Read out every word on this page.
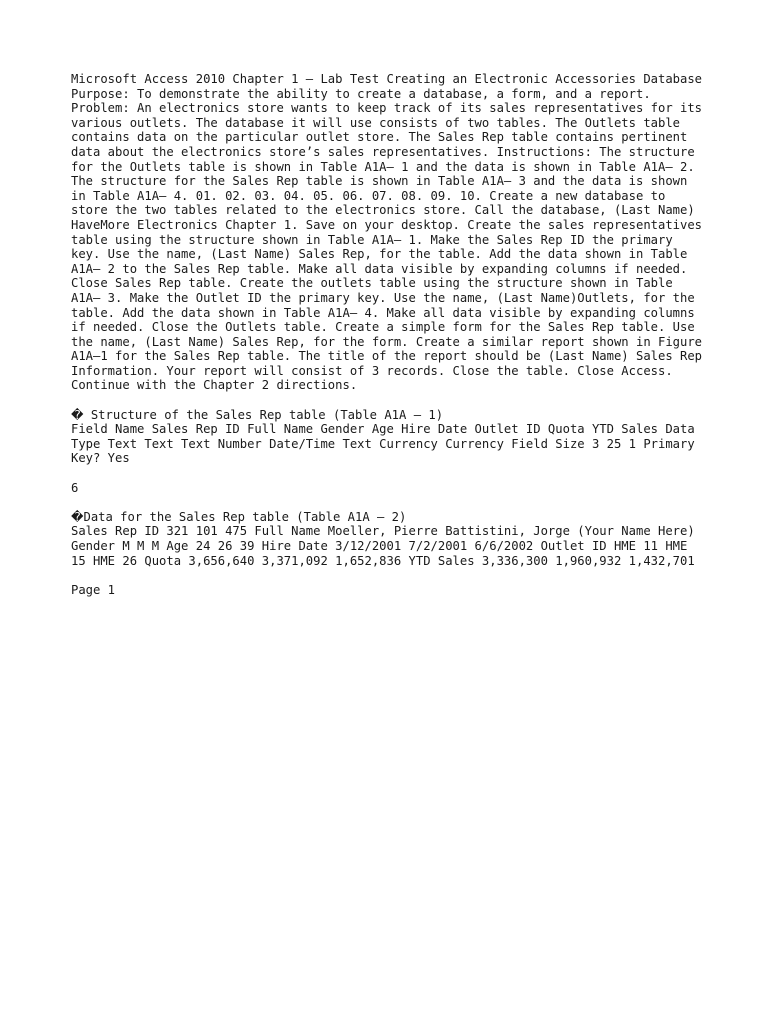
Microsoft Access 2010 Chapter 1 – Lab Test Creating an Electronic Accessories Database

Purpose: To demonstrate the ability to create a database, a form, and a report. Problem: An electronics store wants to keep track of its sales representatives for its various outlets. The database it will use consists of two tables. The Outlets table contains data on the particular outlet store. The Sales Rep table contains pertinent data about the electronics store’s sales representatives. Instructions: The structure for the Outlets table is shown in Table A1A– 1 and the data is shown in Table A1A– 2. The structure for the Sales Rep table is shown in Table A1A– 3 and the data is shown in Table A1A– 4. 01. 02. 03. 04. 05. 06. 07. 08. 09. 10. Create a new database to store the two tables related to the electronics store. Call the database, (Last Name) HaveMore Electronics Chapter 1. Save on your desktop. Create the sales representatives table using the structure shown in Table A1A– 1. Make the Sales Rep ID the primary key. Use the name, (Last Name) Sales Rep, for the table. Add the data shown in Table A1A– 2 to the Sales Rep table. Make all data visible by expanding columns if needed. Close Sales Rep table. Create the outlets table using the structure shown in Table A1A– 3. Make the Outlet ID the primary key. Use the name, (Last Name)Outlets, for the table. Add the data shown in Table A1A– 4. Make all data visible by expanding columns if needed. Close the Outlets table. Create a simple form for the Sales Rep table. Use the name, (Last Name) Sales Rep, for the form. Create a similar report shown in Figure A1A–1 for the Sales Rep table. The title of the report should be (Last Name) Sales Rep Information. Your report will consist of 3 records. Close the table. Close Access. Continue with the Chapter 2 directions.

� Structure of the Sales Rep table (Table A1A – 1)

Field Name Sales Rep ID Full Name Gender Age Hire Date Outlet ID Quota YTD Sales Data Type Text Text Text Number Date/Time Text Currency Currency Field Size 3 25 1 Primary Key? Yes

6

�Data for the Sales Rep table (Table A1A – 2)

Sales Rep ID 321 101 475 Full Name Moeller, Pierre Battistini, Jorge (Your Name Here) Gender M M M Age 24 26 39 Hire Date 3/12/2001 7/2/2001 6/6/2002 Outlet ID HME 11 HME 15 HME 26 Quota 3,656,640 3,371,092 1,652,836 YTD Sales 3,336,300 1,960,932 1,432,701

Page 1
